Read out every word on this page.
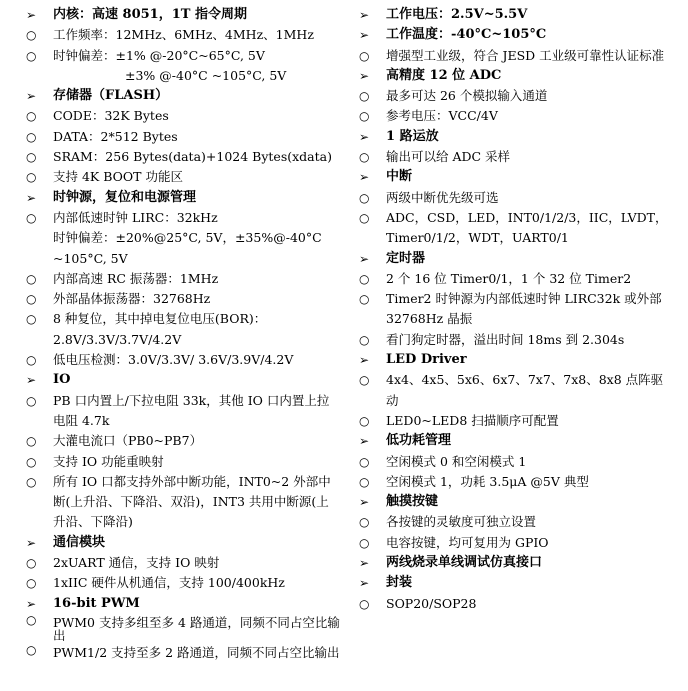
➢	内核：高速 8051，1T 指令周期
○	工作频率：12MHz、6MHz、4MHz、1MHz
○	时钟偏差：±1% @-20°C~65°C, 5V
±3% @-40°C ~105°C, 5V
➢	存储器（FLASH）
○	CODE：32K Bytes
○	DATA：2*512 Bytes
○	SRAM：256 Bytes(data)+1024 Bytes(xdata)
○	支持 4K BOOT 功能区
➢	时钟源，复位和电源管理
○	内部低速时钟 LIRC：32kHz
时钟偏差：±20%@25°C, 5V，±35%@-40°C ~105°C, 5V
○	内部高速 RC 振荡器：1MHz
○	外部晶体振荡器：32768Hz
○	8 种复位，其中掉电复位电压(BOR)：2.8V/3.3V/3.7V/4.2V
○	低电压检测：3.0V/3.3V/ 3.6V/3.9V/4.2V
➢	IO
○	PB 口内置上/下拉电阻 33k，其他 IO 口内置上拉电阻 4.7k
○	大灌电流口（PB0~PB7）
○	支持 IO 功能重映射
○	所有 IO 口都支持外部中断功能，INT0~2 外部中断(上升沿、下降沿、双沿)，INT3 共用中断源(上升沿、下降沿)
➢	通信模块
○	2xUART 通信，支持 IO 映射
○	1xIIC 硬件从机通信，支持 100/400kHz
➢	16-bit PWM
○	PWM0 支持多组至多 4 路通道，同频不同占空比输出
○	PWM1/2 支持至多 2 路通道，同频不同占空比输出
➢	工作电压：2.5V~5.5V
➢	工作温度：-40°C~105°C
○	增强型工业级，符合 JESD 工业级可靠性认证标准
➢	高精度 12 位 ADC
○	最多可达 26 个模拟输入通道
○	参考电压：VCC/4V
➢	1 路运放
○	输出可以给 ADC 采样
➢	中断
○	两级中断优先级可选
○	ADC，CSD，LED，INT0/1/2/3，IIC，LVDT，Timer0/1/2，WDT，UART0/1
➢	定时器
○	2 个 16 位 Timer0/1，1 个 32 位 Timer2
○	Timer2 时钟源为内部低速时钟 LIRC32k 或外部 32768Hz 晶振
○	看门狗定时器，溢出时间 18ms 到 2.304s
➢	LED Driver
○	4x4、4x5、5x6、6x7、7x7、7x8、8x8 点阵驱动
○	LED0~LED8 扫描顺序可配置
➢	低功耗管理
○	空闲模式 0 和空闲模式 1
○	空闲模式 1，功耗 3.5μA @5V 典型
➢	触摸按键
○	各按键的灵敏度可独立设置
○	电容按键，均可复用为 GPIO
➢	两线烧录单线调试仿真接口
➢	封装
○	SOP20/SOP28
